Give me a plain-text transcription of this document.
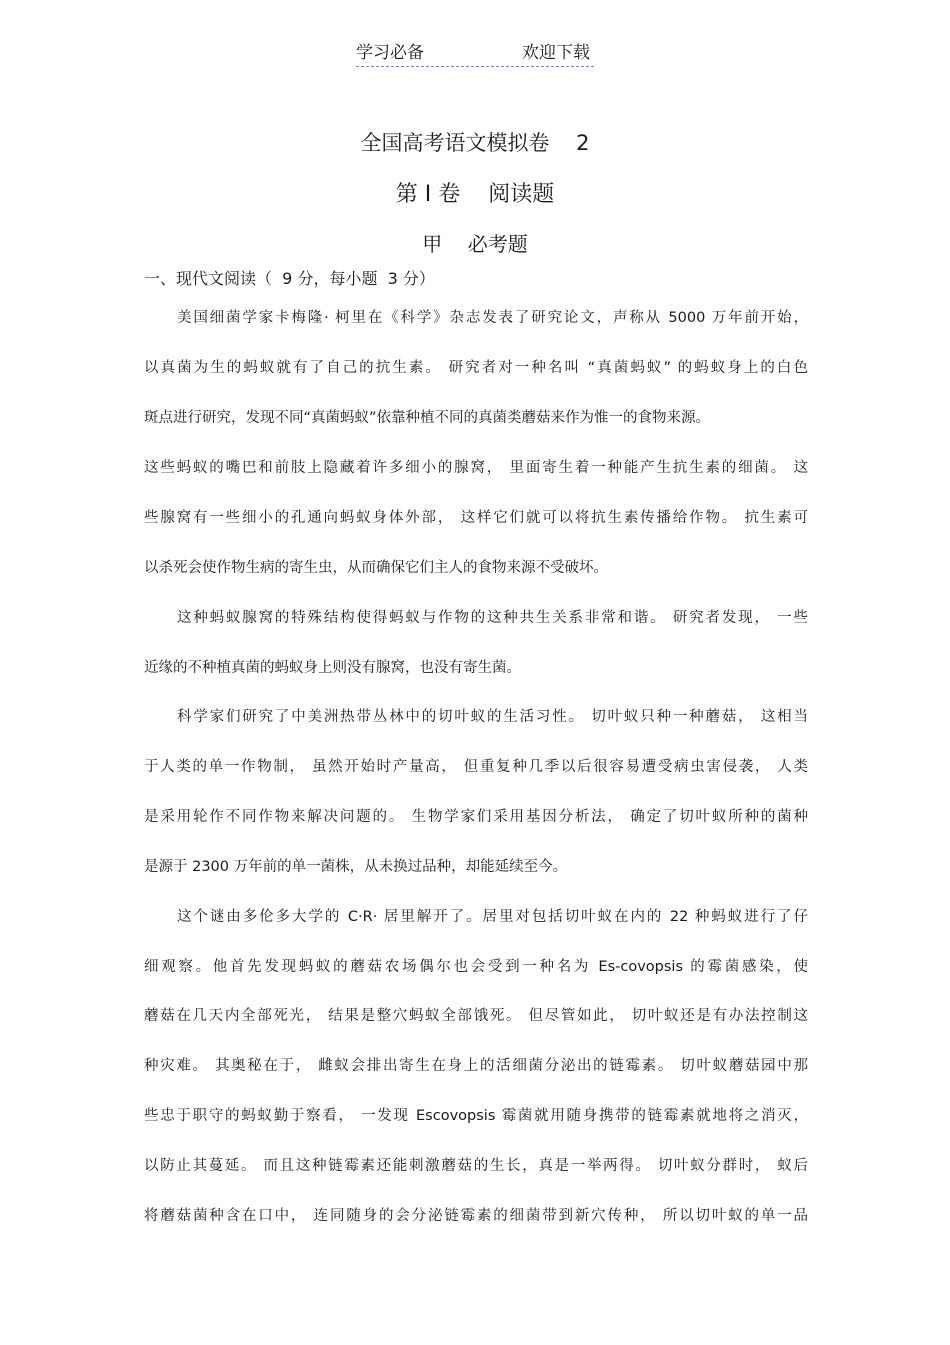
学习必备	欢迎下载
全国高考语文模拟卷    2
第 I 卷    阅读题
甲    必考题
一、现代文阅读（  9 分，每小题  3 分）
美国细菌学家卡梅隆· 柯里在《科学》杂志发表了研究论文，声称从 5000 万年前开始，
以真菌为生的蚂蚁就有了自己的抗生素。 研究者对一种名叫 “真菌蚂蚁” 的蚂蚁身上的白色
斑点进行研究，发现不同“真菌蚂蚁”依靠种植不同的真菌类蘑菇来作为惟一的食物来源。
这些蚂蚁的嘴巴和前肢上隐藏着许多细小的腺窝， 里面寄生着一种能产生抗生素的细菌。 这
些腺窝有一些细小的孔通向蚂蚁身体外部， 这样它们就可以将抗生素传播给作物。 抗生素可
以杀死会使作物生病的寄生虫，从而确保它们主人的食物来源不受破坏。
这种蚂蚁腺窝的特殊结构使得蚂蚁与作物的这种共生关系非常和谐。 研究者发现， 一些
近缘的不种植真菌的蚂蚁身上则没有腺窝，也没有寄生菌。
科学家们研究了中美洲热带丛林中的切叶蚁的生活习性。 切叶蚁只种一种蘑菇， 这相当
于人类的单一作物制， 虽然开始时产量高， 但重复种几季以后很容易遭受病虫害侵袭， 人类
是采用轮作不同作物来解决问题的。 生物学家们采用基因分析法， 确定了切叶蚁所种的菌种
是源于 2300 万年前的单一菌株，从未换过品种，却能延续至今。
这个谜由多伦多大学的 C·R· 居里解开了。居里对包括切叶蚁在内的 22 种蚂蚁进行了仔
细观察。他首先发现蚂蚁的蘑菇农场偶尔也会受到一种名为 Es-covopsis 的霉菌感染，使
蘑菇在几天内全部死光， 结果是整穴蚂蚁全部饿死。 但尽管如此， 切叶蚁还是有办法控制这
种灾难。 其奥秘在于， 雌蚁会排出寄生在身上的活细菌分泌出的链霉素。 切叶蚁蘑菇园中那
些忠于职守的蚂蚁勤于察看， 一发现 Escovopsis 霉菌就用随身携带的链霉素就地将之消灭，
以防止其蔓延。 而且这种链霉素还能刺激蘑菇的生长，真是一举两得。 切叶蚁分群时， 蚁后
将蘑菇菌种含在口中， 连同随身的会分泌链霉素的细菌带到新穴传种， 所以切叶蚁的单一品
